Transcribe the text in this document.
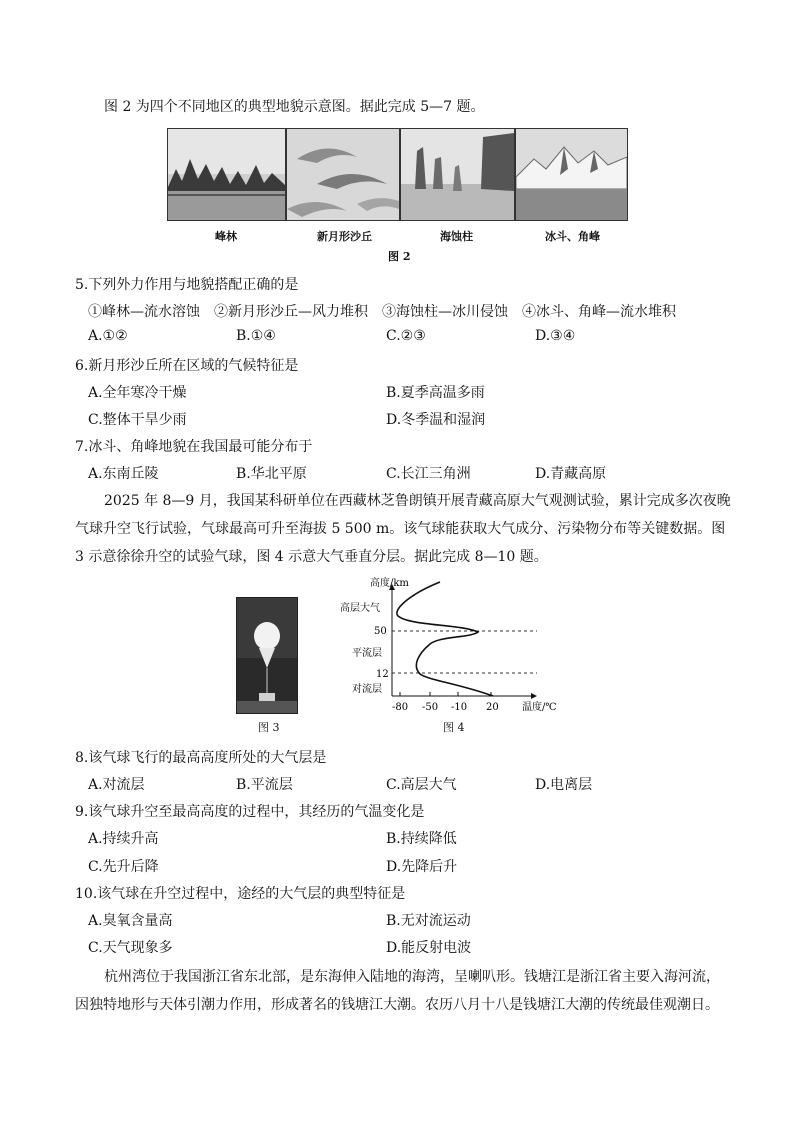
图 2 为四个不同地区的典型地貌示意图。据此完成 5—7 题。
峰林	新月形沙丘	海蚀柱	冰斗、角峰
图 2
5.下列外力作用与地貌搭配正确的是
①峰林—流水溶蚀　②新月形沙丘—风力堆积　③海蚀柱—冰川侵蚀　④冰斗、角峰—流水堆积
A.①②	B.①④	C.②③	D.③④
6.新月形沙丘所在区域的气候特征是
A.全年寒冷干燥	B.夏季高温多雨
C.整体干旱少雨	D.冬季温和湿润
7.冰斗、角峰地貌在我国最可能分布于
A.东南丘陵	B.华北平原	C.长江三角洲	D.青藏高原
2025 年 8—9 月，我国某科研单位在西藏林芝鲁朗镇开展青藏高原大气观测试验，累计完成多次夜晚
气球升空飞行试验，气球最高可升至海拔 5 500 m。该气球能获取大气成分、污染物分布等关键数据。图
3 示意徐徐升空的试验气球，图 4 示意大气垂直分层。据此完成 8—10 题。
图 3
高度/km
高层大气
50
平流层
12
对流层
-80 -50 -10 20 温度/℃
图 4
8.该气球飞行的最高高度所处的大气层是
A.对流层	B.平流层	C.高层大气	D.电离层
9.该气球升空至最高高度的过程中，其经历的气温变化是
A.持续升高	B.持续降低
C.先升后降	D.先降后升
10.该气球在升空过程中，途经的大气层的典型特征是
A.臭氧含量高	B.无对流运动
C.天气现象多	D.能反射电波
杭州湾位于我国浙江省东北部，是东海伸入陆地的海湾，呈喇叭形。钱塘江是浙江省主要入海河流，
因独特地形与天体引潮力作用，形成著名的钱塘江大潮。农历八月十八是钱塘江大潮的传统最佳观潮日。
